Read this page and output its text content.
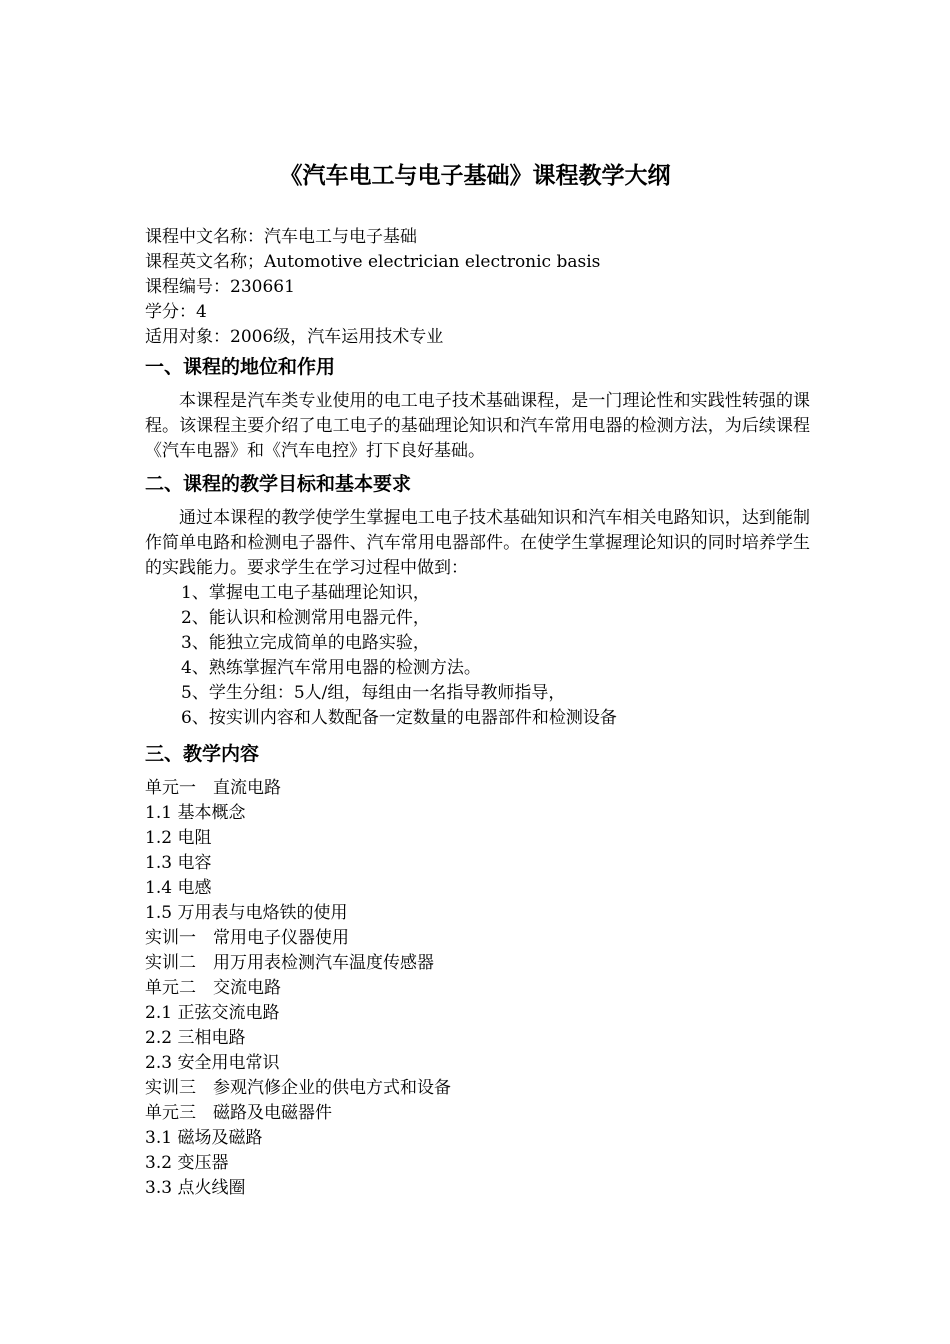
《汽车电工与电子基础》课程教学大纲
课程中文名称：汽车电工与电子基础
课程英文名称；Automotive electrician electronic basis
课程编号：230661
学分：4
适用对象：2006级，汽车运用技术专业
一、课程的地位和作用
本课程是汽车类专业使用的电工电子技术基础课程，是一门理论性和实践性转强的课程。该课程主要介绍了电工电子的基础理论知识和汽车常用电器的检测方法，为后续课程《汽车电器》和《汽车电控》打下良好基础。
二、课程的教学目标和基本要求
通过本课程的教学使学生掌握电工电子技术基础知识和汽车相关电路知识，达到能制作简单电路和检测电子器件、汽车常用电器部件。在使学生掌握理论知识的同时培养学生的实践能力。要求学生在学习过程中做到：
1、掌握电工电子基础理论知识，
2、能认识和检测常用电器元件，
3、能独立完成简单的电路实验，
4、熟练掌握汽车常用电器的检测方法。
5、学生分组：5人/组，每组由一名指导教师指导，
6、按实训内容和人数配备一定数量的电器部件和检测设备
三、教学内容
单元一　直流电路
1.1 基本概念
1.2 电阻
1.3 电容
1.4 电感
1.5 万用表与电烙铁的使用
实训一　常用电子仪器使用
实训二　用万用表检测汽车温度传感器
单元二　交流电路
2.1 正弦交流电路
2.2 三相电路
2.3 安全用电常识
实训三　参观汽修企业的供电方式和设备
单元三　磁路及电磁器件
3.1 磁场及磁路
3.2 变压器
3.3 点火线圈
